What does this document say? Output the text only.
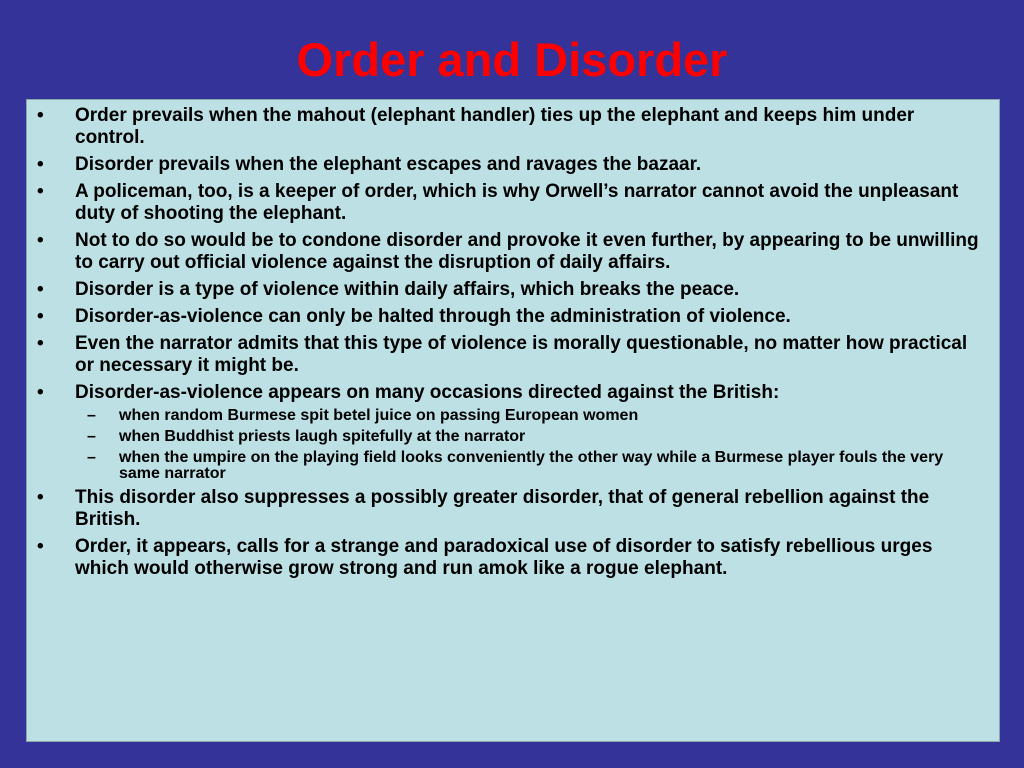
Order and Disorder
•	Order prevails when the mahout (elephant handler) ties up the elephant and keeps him under control.
•	Disorder prevails when the elephant escapes and ravages the bazaar.
•	A policeman, too, is a keeper of order, which is why Orwell’s narrator cannot avoid the unpleasant duty of shooting the elephant.
•	Not to do so would be to condone disorder and provoke it even further, by appearing to be unwilling to carry out official violence against the disruption of daily affairs.
•	Disorder is a type of violence within daily affairs, which breaks the peace.
•	Disorder-as-violence can only be halted through the administration of violence.
•	Even the narrator admits that this type of violence is morally questionable, no matter how practical or necessary it might be.
•	Disorder-as-violence appears on many occasions directed against the British:
– when random Burmese spit betel juice on passing European women
– when Buddhist priests laugh spitefully at the narrator
– when the umpire on the playing field looks conveniently the other way while a Burmese player fouls the very same narrator
•	This disorder also suppresses a possibly greater disorder, that of general rebellion against the British.
•	Order, it appears, calls for a strange and paradoxical use of disorder to satisfy rebellious urges which would otherwise grow strong and run amok like a rogue elephant.
